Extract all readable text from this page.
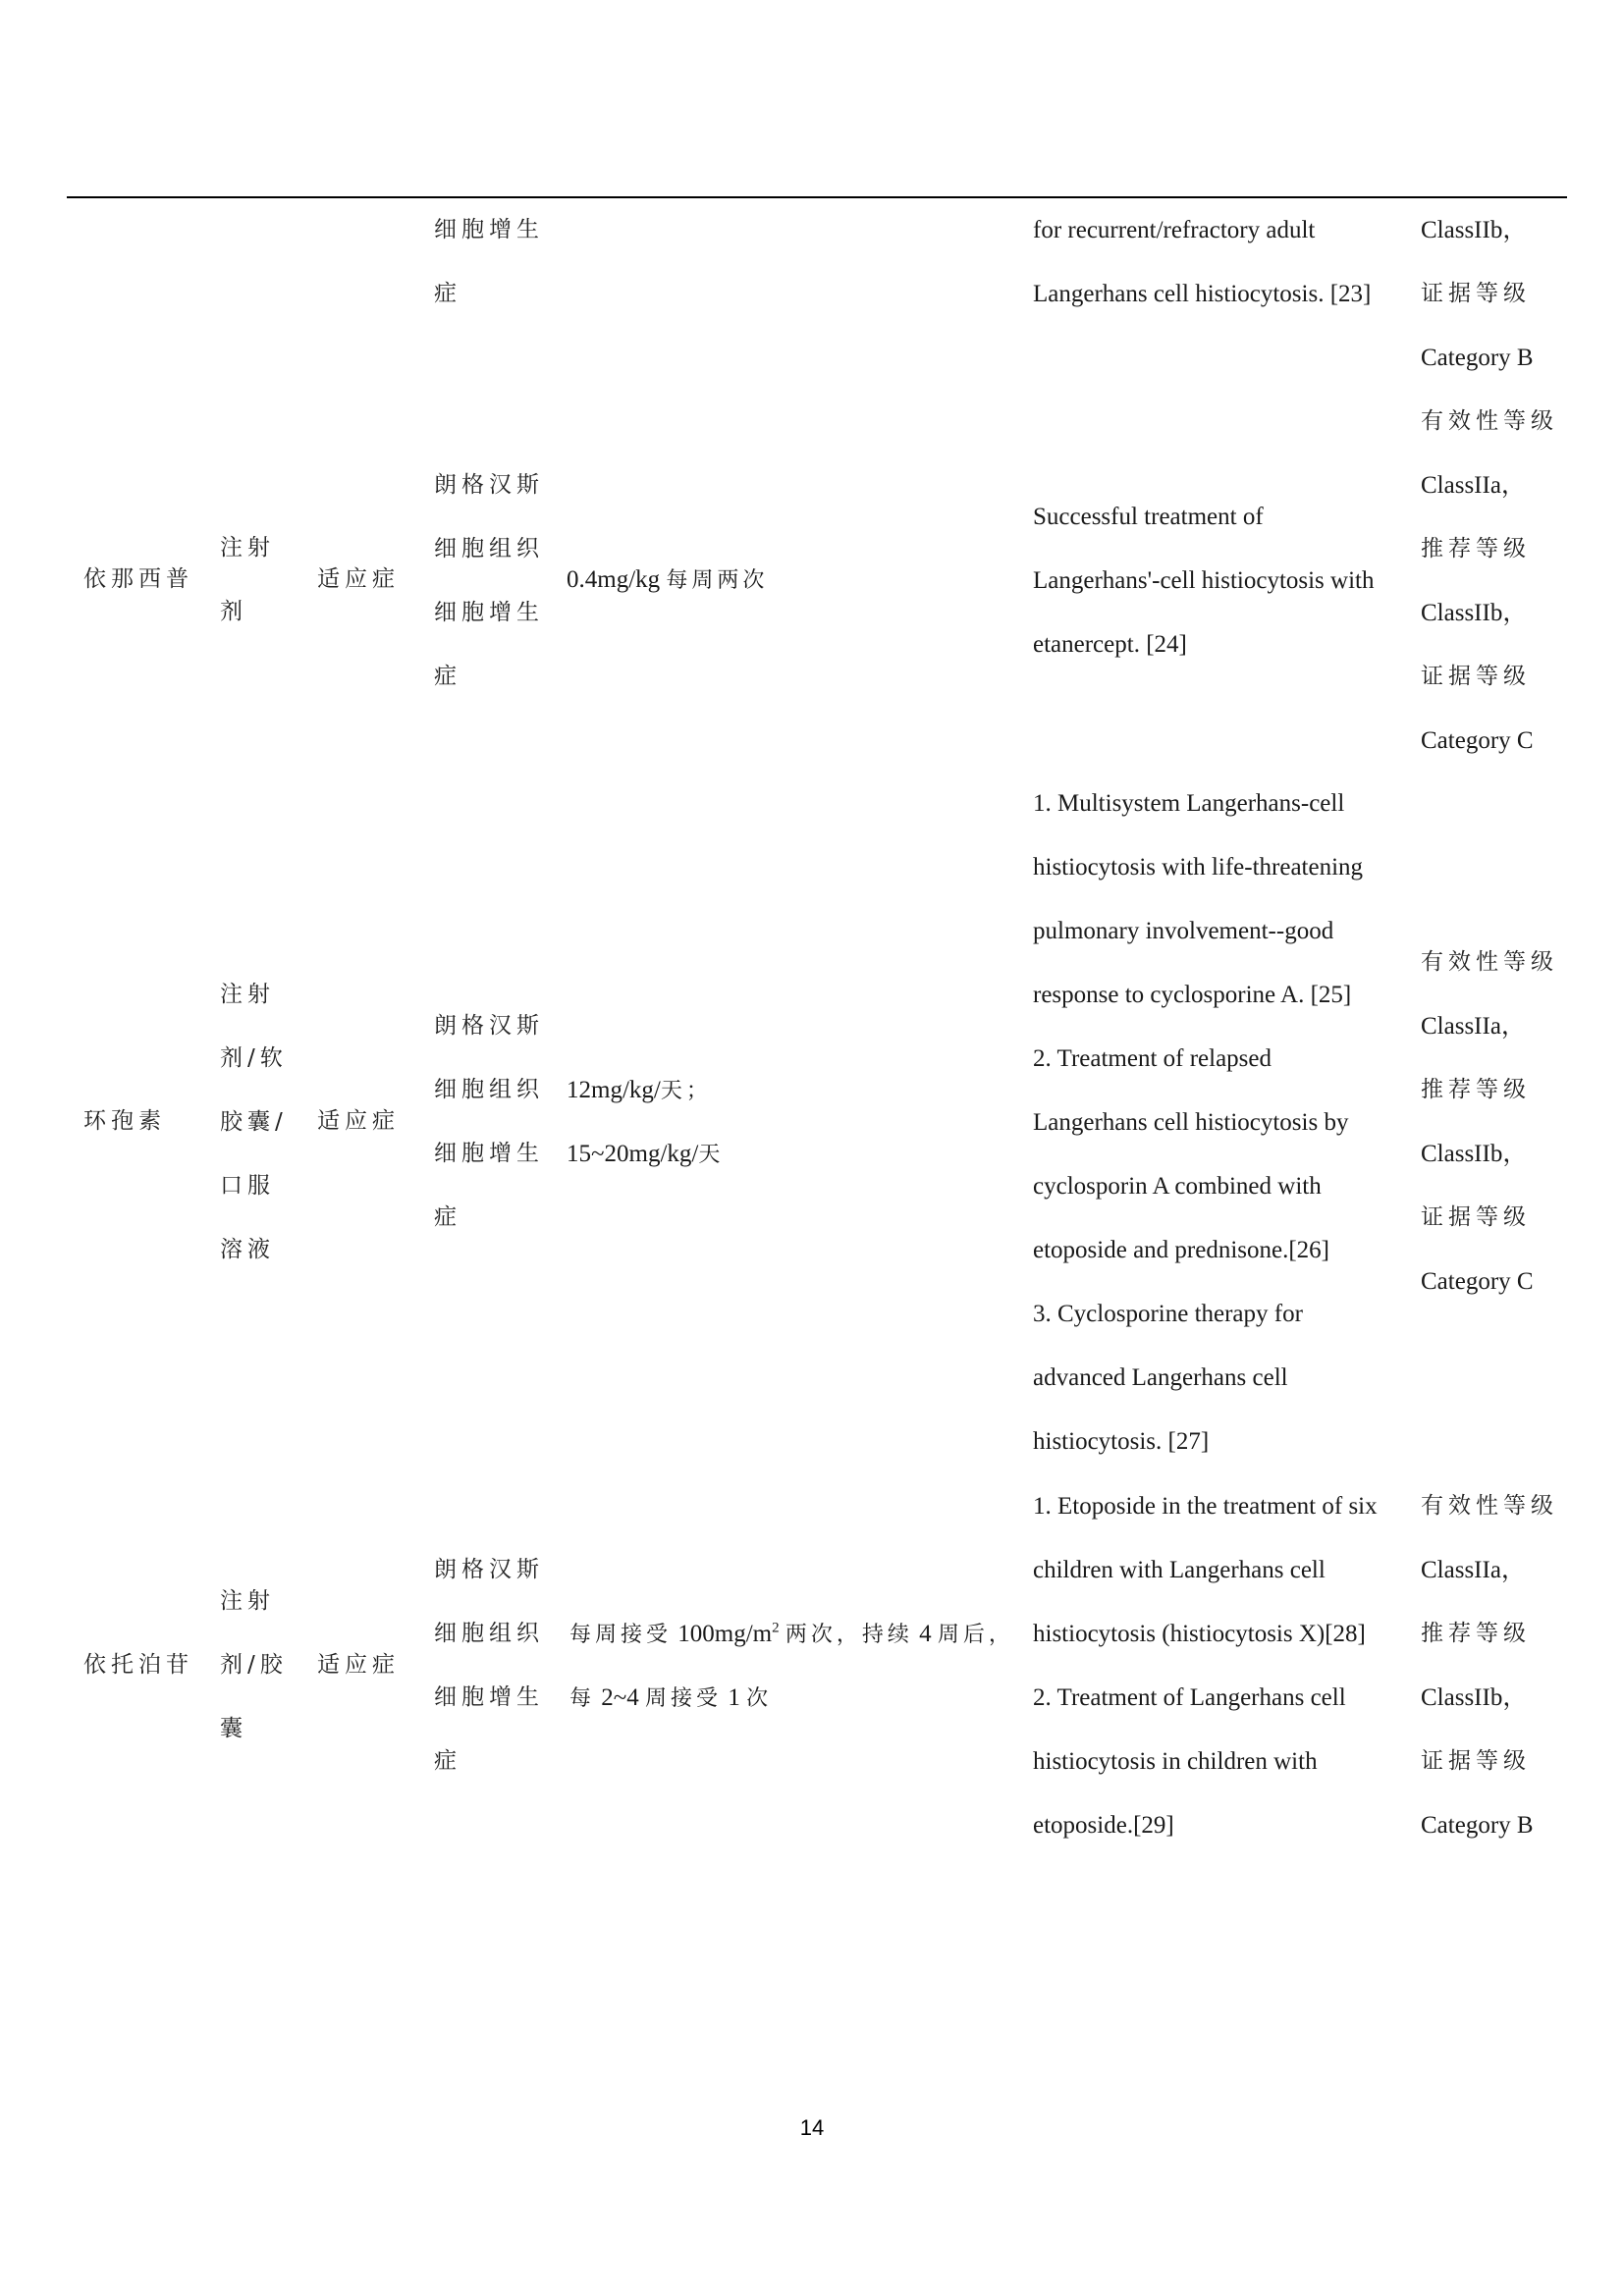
细胞增生
症
for recurrent/refractory adult
Langerhans cell histiocytosis. [23]
ClassIIb，
证据等级
Category B
依那西普
注射
剂
适应症
朗格汉斯
细胞组织
细胞增生
症
0.4mg/kg 每周两次
Successful treatment of
Langerhans'-cell histiocytosis with
etanercept. [24]
有效性等级
ClassIIa，
推荐等级
ClassIIb，
证据等级
Category C
环孢素
注射
剂/软
胶囊/
口服
溶液
适应症
朗格汉斯
细胞组织
细胞增生
症
12mg/kg/天；
15~20mg/kg/天
1. Multisystem Langerhans-cell
histiocytosis with life-threatening
pulmonary involvement--good
response to cyclosporine A. [25]
2. Treatment of relapsed
Langerhans cell histiocytosis by
cyclosporin A combined with
etoposide and prednisone.[26]
3. Cyclosporine therapy for
advanced Langerhans cell
histiocytosis. [27]
有效性等级
ClassIIa，
推荐等级
ClassIIb，
证据等级
Category C
依托泊苷
注射
剂/胶
囊
适应症
朗格汉斯
细胞组织
细胞增生
症
每周接受 $100mg/m^2$ 两次，持续 4 周后，
每 2~4 周接受 1 次
1. Etoposide in the treatment of six
children with Langerhans cell
histiocytosis (histiocytosis X)[28]
2. Treatment of Langerhans cell
histiocytosis in children with
etoposide.[29]
有效性等级
ClassIIa，
推荐等级
ClassIIb，
证据等级
Category B
14
